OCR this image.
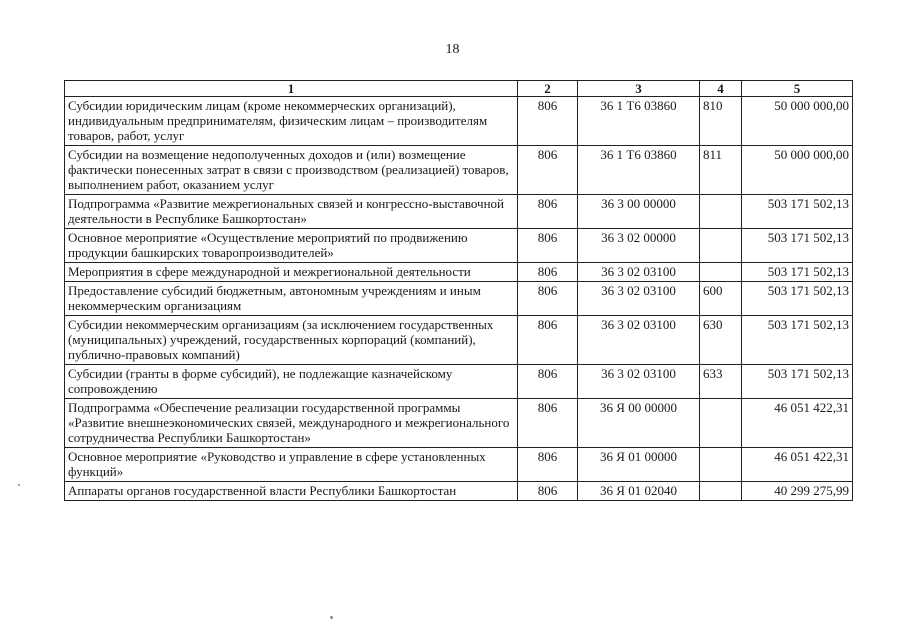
18
1	2	3	4	5
Субсидии юридическим лицам (кроме некоммерческих организаций), индивидуальным предпринимателям, физическим лицам – производителям товаров, работ, услуг	806	36 1 Т6 03860	810	50 000 000,00
Субсидии на возмещение недополученных доходов и (или) возмещение фактически понесенных затрат в связи с производством (реализацией) товаров, выполнением работ, оказанием услуг	806	36 1 Т6 03860	811	50 000 000,00
Подпрограмма «Развитие межрегиональных связей и конгрессно-выставочной деятельности в Республике Башкортостан»	806	36 3 00 00000		503 171 502,13
Основное мероприятие «Осуществление мероприятий по продвижению продукции башкирских товаропроизводителей»	806	36 3 02 00000		503 171 502,13
Мероприятия в сфере международной и межрегиональной деятельности	806	36 3 02 03100		503 171 502,13
Предоставление субсидий бюджетным, автономным учреждениям и иным некоммерческим организациям	806	36 3 02 03100	600	503 171 502,13
Субсидии некоммерческим организациям (за исключением государственных (муниципальных) учреждений, государственных корпораций (компаний), публично-правовых компаний)	806	36 3 02 03100	630	503 171 502,13
Субсидии (гранты в форме субсидий), не подлежащие казначейскому сопровождению	806	36 3 02 03100	633	503 171 502,13
Подпрограмма «Обеспечение реализации государственной программы «Развитие внешнеэкономических связей, международного и межрегионального сотрудничества Республики Башкортостан»	806	36 Я 00 00000		46 051 422,31
Основное мероприятие «Руководство и управление в сфере установленных функций»	806	36 Я 01 00000		46 051 422,31
Аппараты органов государственной власти Республики Башкортостан	806	36 Я 01 02040		40 299 275,99
